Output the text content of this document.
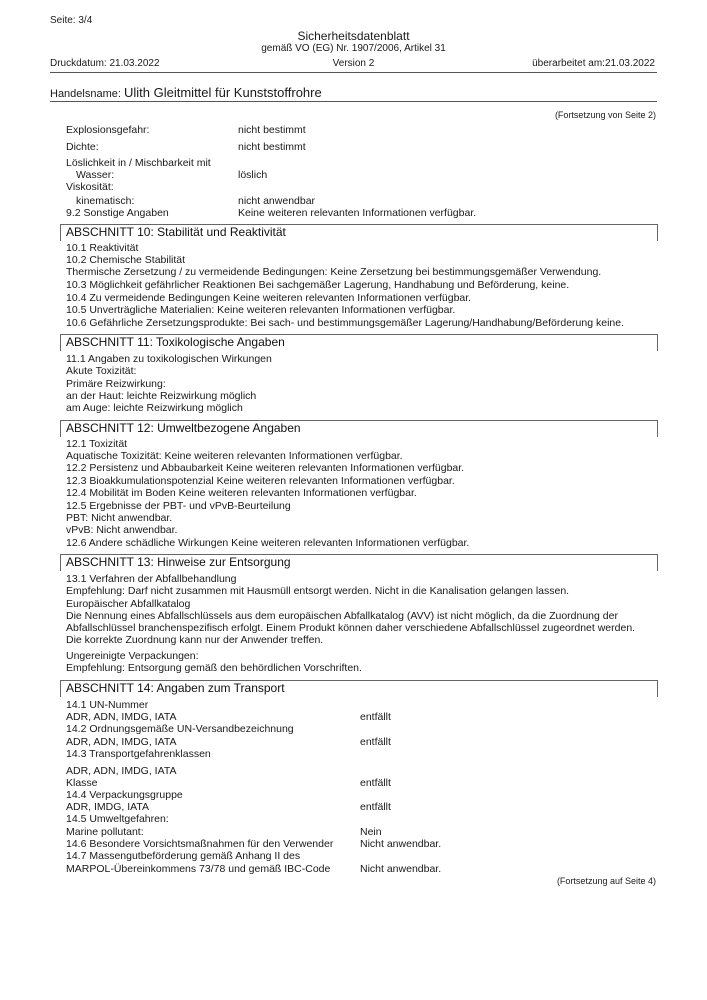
Seite: 3/4
Sicherheitsdatenblatt
gemäß VO (EG) Nr. 1907/2006, Artikel 31
Druckdatum: 21.03.2022	Version 2	überarbeitet am:21.03.2022
Handelsname: Ulith Gleitmittel für Kunststoffrohre
(Fortsetzung von Seite 2)
Explosionsgefahr:	nicht bestimmt
Dichte:	nicht bestimmt
Löslichkeit in / Mischbarkeit mit
Wasser:	löslich
Viskosität:
kinematisch:	nicht anwendbar
9.2 Sonstige Angaben	Keine weiteren relevanten Informationen verfügbar.
ABSCHNITT 10: Stabilität und Reaktivität
10.1 Reaktivität
10.2 Chemische Stabilität
Thermische Zersetzung / zu vermeidende Bedingungen: Keine Zersetzung bei bestimmungsgemäßer Verwendung.
10.3 Möglichkeit gefährlicher Reaktionen Bei sachgemäßer Lagerung, Handhabung und Beförderung, keine.
10.4 Zu vermeidende Bedingungen Keine weiteren relevanten Informationen verfügbar.
10.5 Unverträgliche Materialien: Keine weiteren relevanten Informationen verfügbar.
10.6 Gefährliche Zersetzungsprodukte: Bei sach- und bestimmungsgemäßer Lagerung/Handhabung/Beförderung keine.
ABSCHNITT 11: Toxikologische Angaben
11.1 Angaben zu toxikologischen Wirkungen
Akute Toxizität:
Primäre Reizwirkung:
an der Haut: leichte Reizwirkung möglich
am Auge: leichte Reizwirkung möglich
ABSCHNITT 12: Umweltbezogene Angaben
12.1 Toxizität
Aquatische Toxizität: Keine weiteren relevanten Informationen verfügbar.
12.2 Persistenz und Abbaubarkeit Keine weiteren relevanten Informationen verfügbar.
12.3 Bioakkumulationspotenzial Keine weiteren relevanten Informationen verfügbar.
12.4 Mobilität im Boden Keine weiteren relevanten Informationen verfügbar.
12.5 Ergebnisse der PBT- und vPvB-Beurteilung
PBT: Nicht anwendbar.
vPvB: Nicht anwendbar.
12.6 Andere schädliche Wirkungen Keine weiteren relevanten Informationen verfügbar.
ABSCHNITT 13: Hinweise zur Entsorgung
13.1 Verfahren der Abfallbehandlung
Empfehlung: Darf nicht zusammen mit Hausmüll entsorgt werden. Nicht in die Kanalisation gelangen lassen.
Europäischer Abfallkatalog
Die Nennung eines Abfallschlüssels aus dem europäischen Abfallkatalog (AVV) ist nicht möglich, da die Zuordnung der
Abfallschlüssel branchenspezifisch erfolgt. Einem Produkt können daher verschiedene Abfallschlüssel zugeordnet werden.
Die korrekte Zuordnung kann nur der Anwender treffen.
Ungereinigte Verpackungen:
Empfehlung: Entsorgung gemäß den behördlichen Vorschriften.
ABSCHNITT 14: Angaben zum Transport
14.1 UN-Nummer
ADR, ADN, IMDG, IATA	entfällt
14.2 Ordnungsgemäße UN-Versandbezeichnung
ADR, ADN, IMDG, IATA	entfällt
14.3 Transportgefahrenklassen
ADR, ADN, IMDG, IATA
Klasse	entfällt
14.4 Verpackungsgruppe
ADR, IMDG, IATA	entfällt
14.5 Umweltgefahren:
Marine pollutant:	Nein
14.6 Besondere Vorsichtsmaßnahmen für den Verwender	Nicht anwendbar.
14.7 Massengutbeförderung gemäß Anhang II des
MARPOL-Übereinkommens 73/78 und gemäß IBC-Code	Nicht anwendbar.
(Fortsetzung auf Seite 4)
